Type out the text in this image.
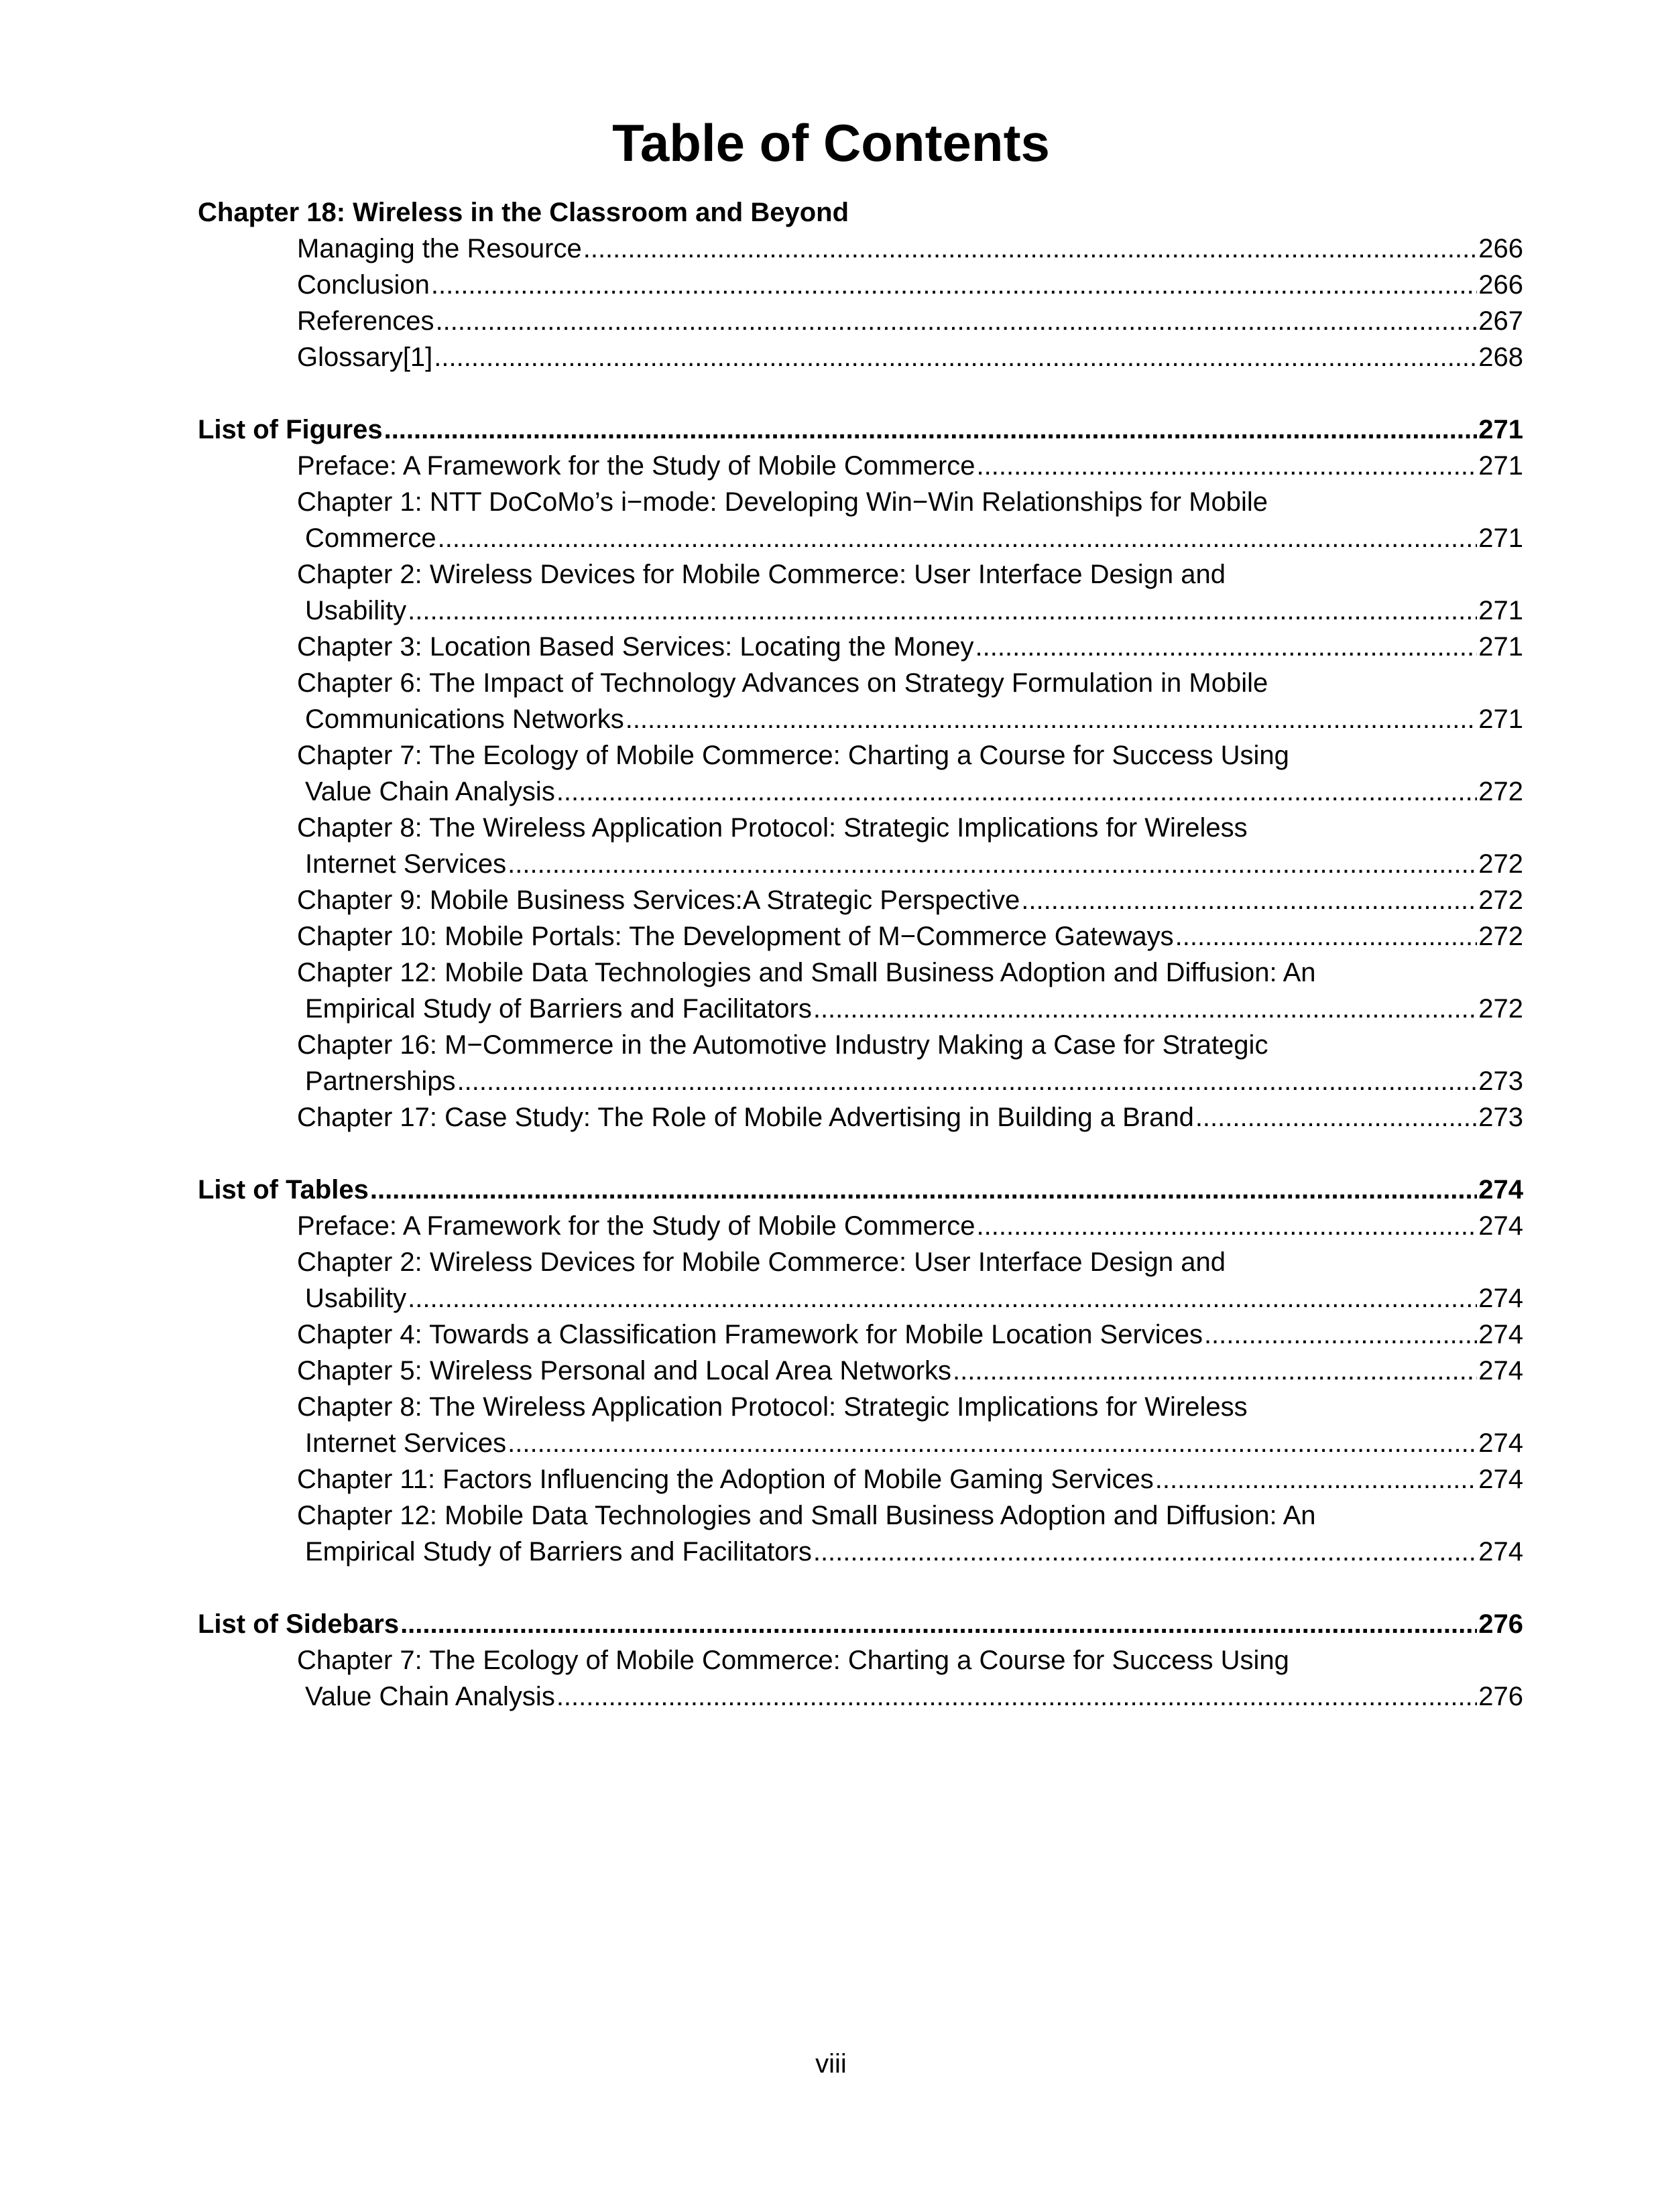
Table of Contents
Chapter 18: Wireless in the Classroom and Beyond
Managing the Resource .....	266
Conclusion .....	266
References .....	267
Glossary[1] .....	268
List of Figures .....	271
Preface: A Framework for the Study of Mobile Commerce .....	271
Chapter 1: NTT DoCoMo’s i−mode: Developing Win−Win Relationships for Mobile
Commerce .....	271
Chapter 2: Wireless Devices for Mobile Commerce: User Interface Design and
Usability .....	271
Chapter 3: Location Based Services: Locating the Money .....	271
Chapter 6: The Impact of Technology Advances on Strategy Formulation in Mobile
Communications Networks .....	271
Chapter 7: The Ecology of Mobile Commerce: Charting a Course for Success Using
Value Chain Analysis .....	272
Chapter 8: The Wireless Application Protocol: Strategic Implications for Wireless
Internet Services .....	272
Chapter 9: Mobile Business Services:A Strategic Perspective .....	272
Chapter 10: Mobile Portals: The Development of M−Commerce Gateways .....	272
Chapter 12: Mobile Data Technologies and Small Business Adoption and Diffusion: An
Empirical Study of Barriers and Facilitators .....	272
Chapter 16: M−Commerce in the Automotive Industry Making a Case for Strategic
Partnerships .....	273
Chapter 17: Case Study: The Role of Mobile Advertising in Building a Brand .....	273
List of Tables .....	274
Preface: A Framework for the Study of Mobile Commerce .....	274
Chapter 2: Wireless Devices for Mobile Commerce: User Interface Design and
Usability .....	274
Chapter 4: Towards a Classification Framework for Mobile Location Services .....	274
Chapter 5: Wireless Personal and Local Area Networks .....	274
Chapter 8: The Wireless Application Protocol: Strategic Implications for Wireless
Internet Services .....	274
Chapter 11: Factors Influencing the Adoption of Mobile Gaming Services .....	274
Chapter 12: Mobile Data Technologies and Small Business Adoption and Diffusion: An
Empirical Study of Barriers and Facilitators .....	274
List of Sidebars .....	276
Chapter 7: The Ecology of Mobile Commerce: Charting a Course for Success Using
Value Chain Analysis .....	276
viii
